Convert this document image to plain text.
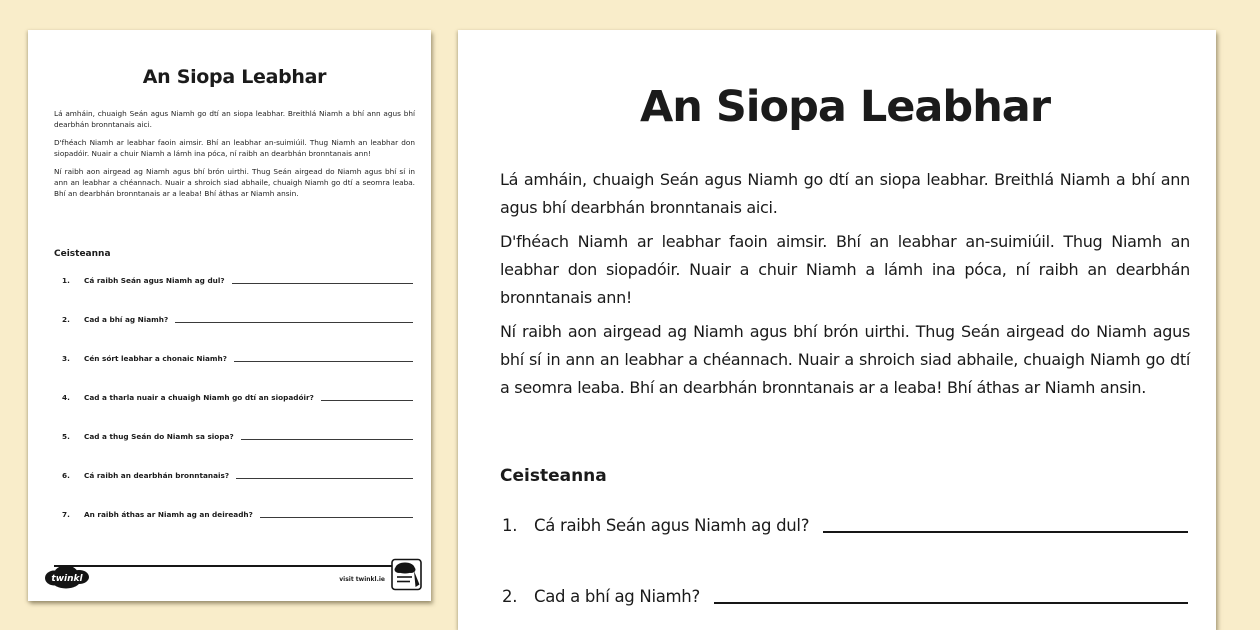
An Siopa Leabhar

Lá amháin, chuaigh Seán agus Niamh go dtí an siopa leabhar. Breithlá Niamh a bhí ann agus bhí dearbhán bronntanais aici.

D'fhéach Niamh ar leabhar faoin aimsir. Bhí an leabhar an-suimiúil. Thug Niamh an leabhar don siopadóir. Nuair a chuir Niamh a lámh ina póca, ní raibh an dearbhán bronntanais ann!

Ní raibh aon airgead ag Niamh agus bhí brón uirthi. Thug Seán airgead do Niamh agus bhí sí in ann an leabhar a chéannach. Nuair a shroich siad abhaile, chuaigh Niamh go dtí a seomra leaba. Bhí an dearbhán bronntanais ar a leaba! Bhí áthas ar Niamh ansin.

Ceisteanna
1.	Cá raibh Seán agus Niamh ag dul?
2.	Cad a bhí ag Niamh?
3.	Cén sórt leabhar a chonaic Niamh?
4.	Cad a tharla nuair a chuaigh Niamh go dtí an siopadóir?
5.	Cad a thug Seán do Niamh sa siopa?
6.	Cá raibh an dearbhán bronntanais?
7.	An raibh áthas ar Niamh ag an deireadh?
twinkl	visit twinkl.ie
An Siopa Leabhar

Lá amháin, chuaigh Seán agus Niamh go dtí an siopa leabhar. Breithlá Niamh a bhí ann agus bhí dearbhán bronntanais aici.

D'fhéach Niamh ar leabhar faoin aimsir. Bhí an leabhar an-suimiúil. Thug Niamh an leabhar don siopadóir. Nuair a chuir Niamh a lámh ina póca, ní raibh an dearbhán bronntanais ann!

Ní raibh aon airgead ag Niamh agus bhí brón uirthi. Thug Seán airgead do Niamh agus bhí sí in ann an leabhar a chéannach. Nuair a shroich siad abhaile, chuaigh Niamh go dtí a seomra leaba. Bhí an dearbhán bronntanais ar a leaba! Bhí áthas ar Niamh ansin.

Ceisteanna
1.	Cá raibh Seán agus Niamh ag dul?
2.	Cad a bhí ag Niamh?
